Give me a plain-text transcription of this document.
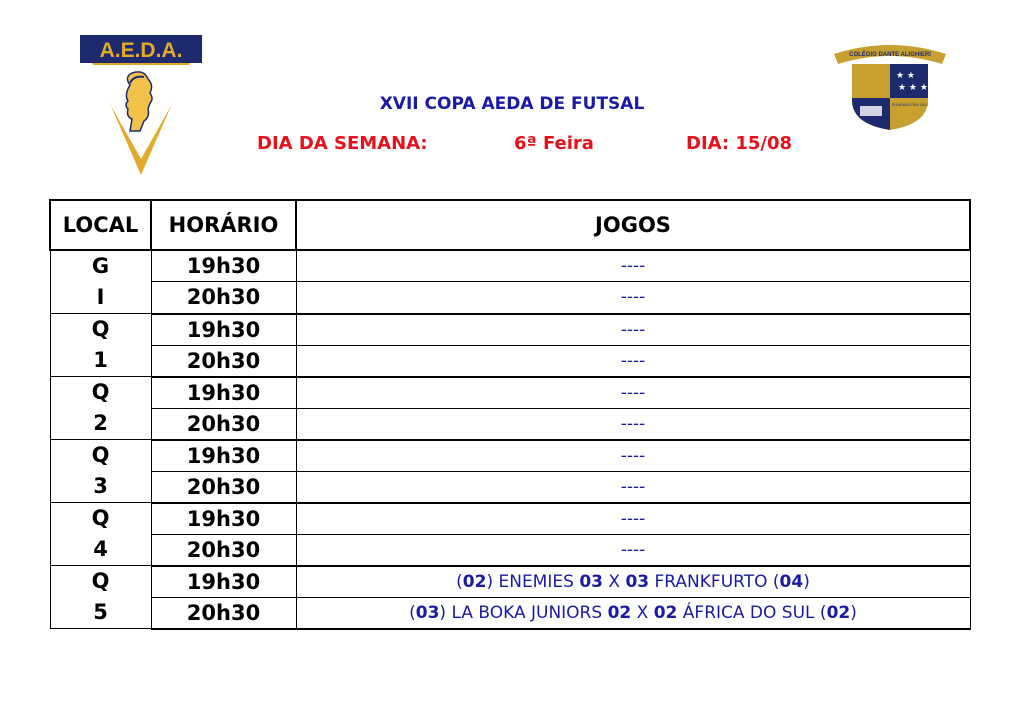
A.E.D.A.	COLÉGIO DANTE ALIGHIERI
★ ★
★ ★ ★
FUNDADO EM 1911
XVII COPA AEDA DE FUTSAL
DIA DA SEMANA:	6ª Feira	DIA: 15/08
LOCAL	HORÁRIO	JOGOS

G
I	19h30	----
	20h30	----

Q
1	19h30	----
	20h30	----

Q
2	19h30	----
	20h30	----

Q
3	19h30	----
	20h30	----

Q
4	19h30	----
	20h30	----

Q
5	19h30	(02) ENEMIES 03 X 03 FRANKFURTO (04)
	20h30	(03) LA BOKA JUNIORS 02 X 02 ÁFRICA DO SUL (02)
